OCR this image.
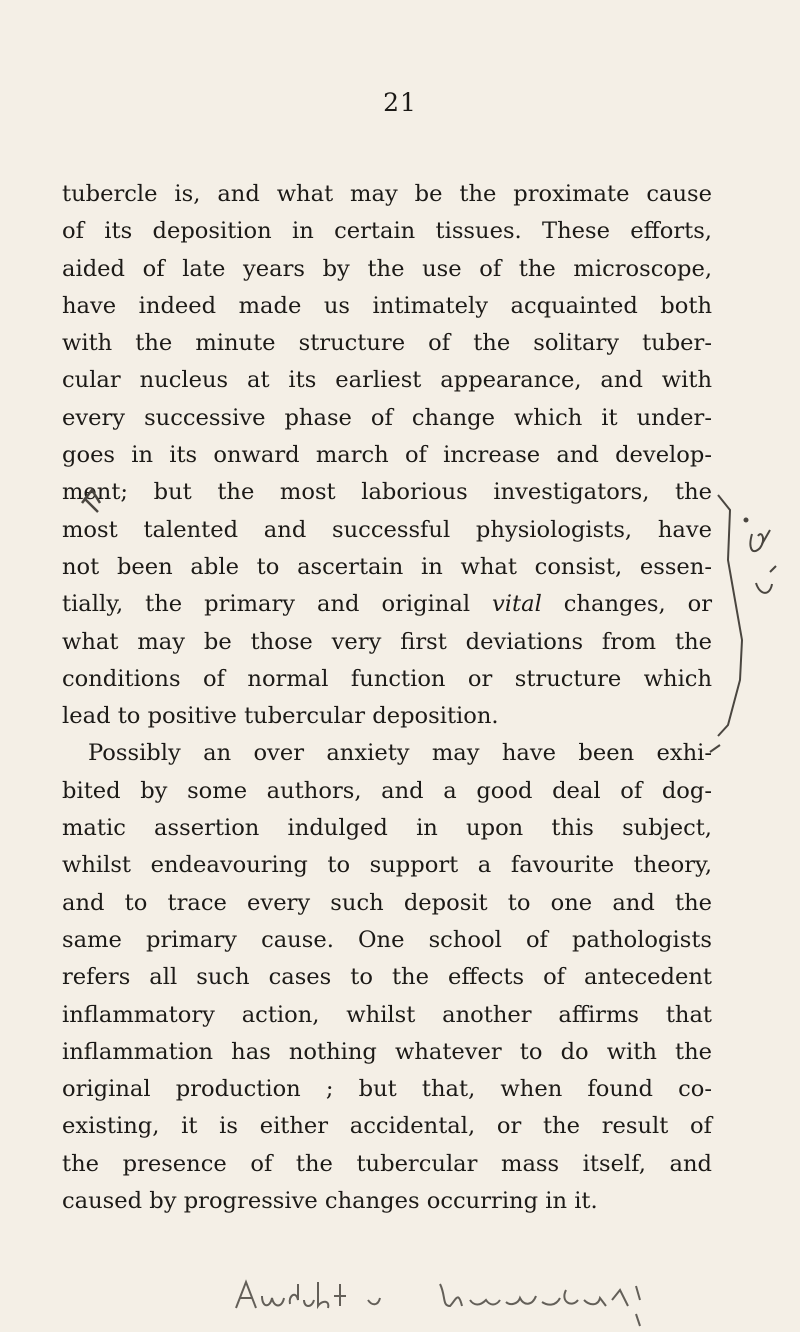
21
tubercle is, and what may be the proximate cause
of its deposition in certain tissues. These efforts,
aided of late years by the use of the microscope,
have indeed made us intimately acquainted both
with the minute structure of the solitary tuber-
cular nucleus at its earliest appearance, and with
every successive phase of change which it under-
goes in its onward march of increase and develop-
ment; but the most laborious investigators, the
most talented and successful physiologists, have
not been able to ascertain in what consist, essen-
tially, the primary and original vital changes, or
what may be those very first deviations from the
conditions of normal function or structure which
lead to positive tubercular deposition.
Possibly an over anxiety may have been exhi-
bited by some authors, and a good deal of dog-
matic assertion indulged in upon this subject,
whilst endeavouring to support a favourite theory,
and to trace every such deposit to one and the
same primary cause. One school of pathologists
refers all such cases to the effects of antecedent
inflammatory action, whilst another affirms that
inflammation has nothing whatever to do with the
original production ; but that, when found co-
existing, it is either accidental, or the result of
the presence of the tubercular mass itself, and
caused by progressive changes occurring in it.
